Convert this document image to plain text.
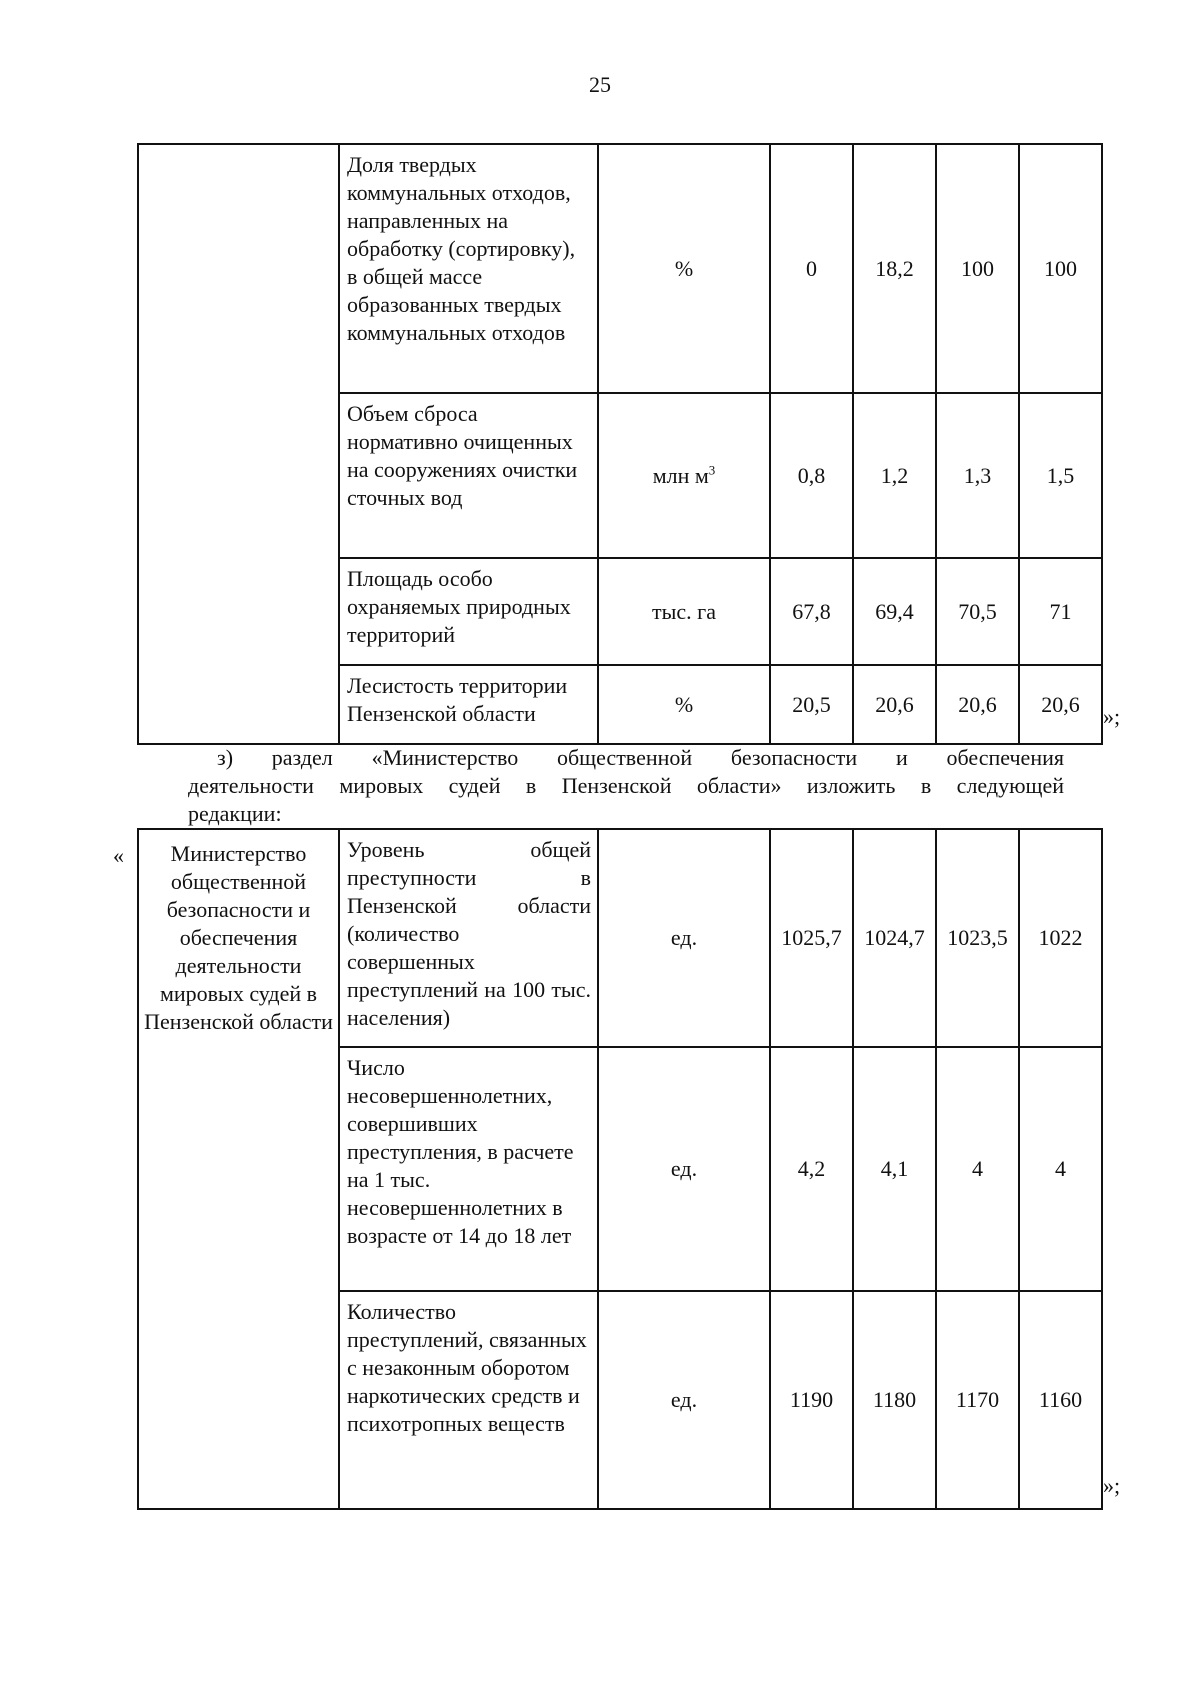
25
	Доля твердых коммунальных отходов, направленных на обработку (сортировку), в общей массе образованных твердых коммунальных отходов	%	0	18,2	100	100
	Объем сброса нормативно очищенных на сооружениях очистки сточных вод	млн $м^3$	0,8	1,2	1,3	1,5
	Площадь особо охраняемых природных территорий	тыс. га	67,8	69,4	70,5	71
	Лесистость территории Пензенской области	%	20,5	20,6	20,6	20,6 »;
з) раздел «Министерство общественной безопасности и обеспечения
деятельности мировых судей в Пензенской области» изложить в следующей
редакции:
« Министерство общественной безопасности и обеспечения деятельности мировых судей в Пензенской области	Уровень общей преступности в Пензенской области (количество совершенных преступлений на 100 тыс. населения)	ед.	1025,7	1024,7	1023,5	1022
	Число несовершеннолетних, совершивших преступления, в расчете на 1 тыс. несовершеннолетних в возрасте от 14 до 18 лет	ед.	4,2	4,1	4	4
	Количество преступлений, связанных с незаконным оборотом наркотических средств и психотропных веществ	ед.	1190	1180	1170	1160
»;
